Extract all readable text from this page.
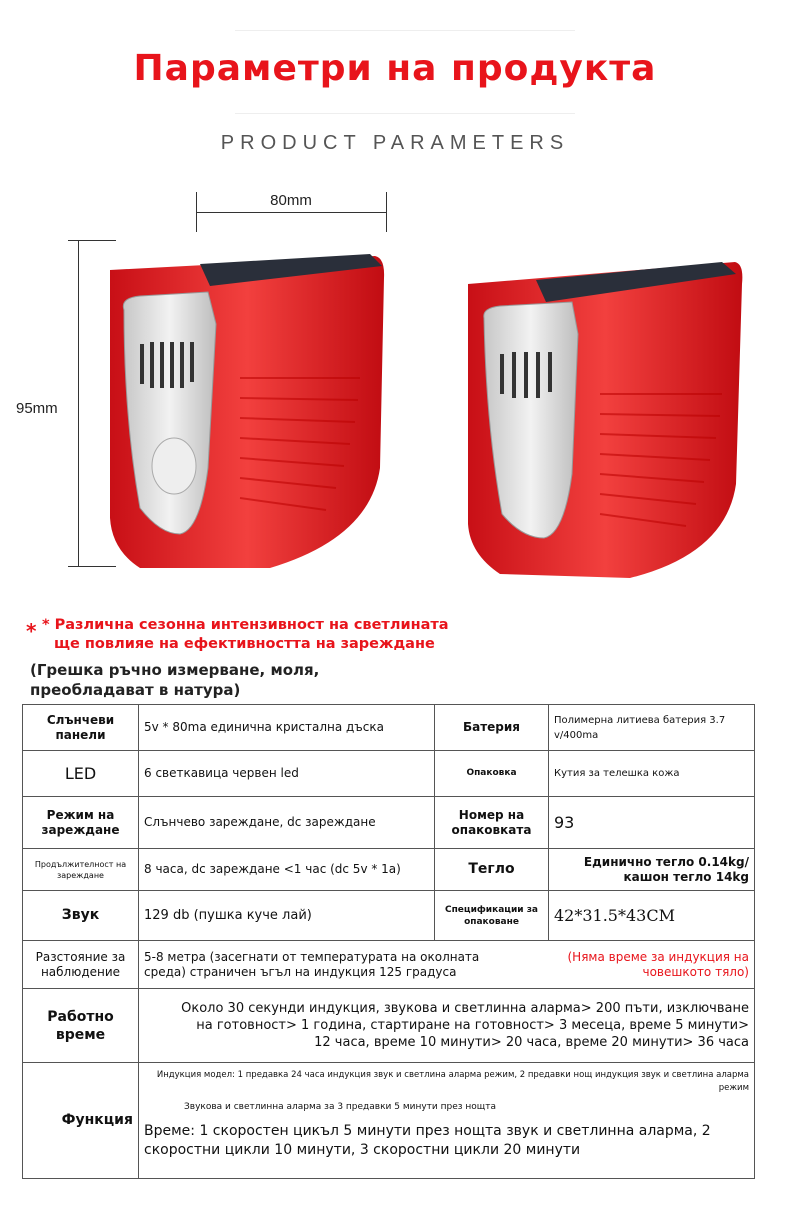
Параметри на продукта
PRODUCT PARAMETERS
80mm
95mm
* * Различна сезонна интензивност на светлината
ще повлияе на ефективността на зареждане
(Грешка ръчно измерване, моля,
преобладават в натура)
Слънчеви панели	5v * 80ma единична кристална дъска	Батерия	Полимерна литиева батерия 3.7 v/400ma
LED	6 светкавица червен led	Опаковка	Кутия за телешка кожа
Режим на зареждане	Слънчево зареждане, dc зареждане	Номер на опаковката	93
Продължителност на зареждане	8 часа, dc зареждане <1 час (dc 5v * 1a)	Тегло	Единично тегло 0.14kg/
кашон тегло 14kg

Звук	129 db (пушка куче лай)	Спецификации за опаковане	42*31.5*43CM
Разстояние за наблюдение	5-8 метра (засегнати от температурата на околната среда) страничен ъгъл на индукция 125 градуса
(Няма време за индукция на човешкото тяло)		

Работно време	Около 30 секунди индукция, звукова и светлинна аларма> 200 пъти, изключване на готовност> 1 година, стартиране на готовност> 3 месеца, време 5 минути> 12 часа, време 10 минути> 20 часа, време 20 минути> 36 часа		
Функция	Индукция модел: 1 предавка 24 часа индукция звук и светлина аларма режим, 2 предавки нощ индукция звук и светлина аларма режим
Звукова и светлинна аларма за 3 предавки 5 минути през нощта
Време: 1 скоростен цикъл 5 минути през нощта звук и светлинна аларма, 2 скоростни цикли 10 минути, 3 скоростни цикли 20 минути		
